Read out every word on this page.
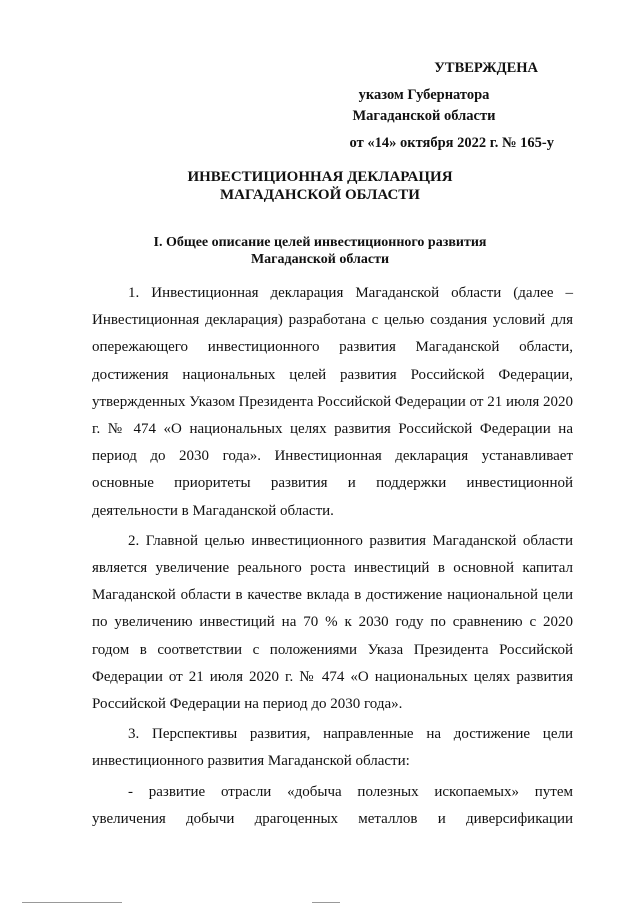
УТВЕРЖДЕНА
указом Губернатора
Магаданской области
от «14» октября 2022 г. № 165-у
ИНВЕСТИЦИОННАЯ ДЕКЛАРАЦИЯ
МАГАДАНСКОЙ ОБЛАСТИ
I. Общее описание целей инвестиционного развития
Магаданской области

1. Инвестиционная декларация Магаданской области (далее – Инвестиционная декларация) разработана с целью создания условий для опережающего инвестиционного развития Магаданской области, достижения национальных целей развития Российской Федерации, утвержденных Указом Президента Российской Федерации от 21 июля 2020 г. № 474 «О национальных целях развития Российской Федерации на период до 2030 года». Инвестиционная декларация устанавливает основные приоритеты развития и поддержки инвестиционной деятельности в Магаданской области.

2. Главной целью инвестиционного развития Магаданской области является увеличение реального роста инвестиций в основной капитал Магаданской области в качестве вклада в достижение национальной цели по увеличению инвестиций на 70 % к 2030 году по сравнению с 2020 годом в соответствии с положениями Указа Президента Российской Федерации от 21 июля 2020 г. № 474 «О национальных целях развития Российской Федерации на период до 2030 года».

3. Перспективы развития, направленные на достижение цели инвестиционного развития Магаданской области:

- развитие отрасли «добыча полезных ископаемых» путем увеличения добычи драгоценных металлов и диверсификации
